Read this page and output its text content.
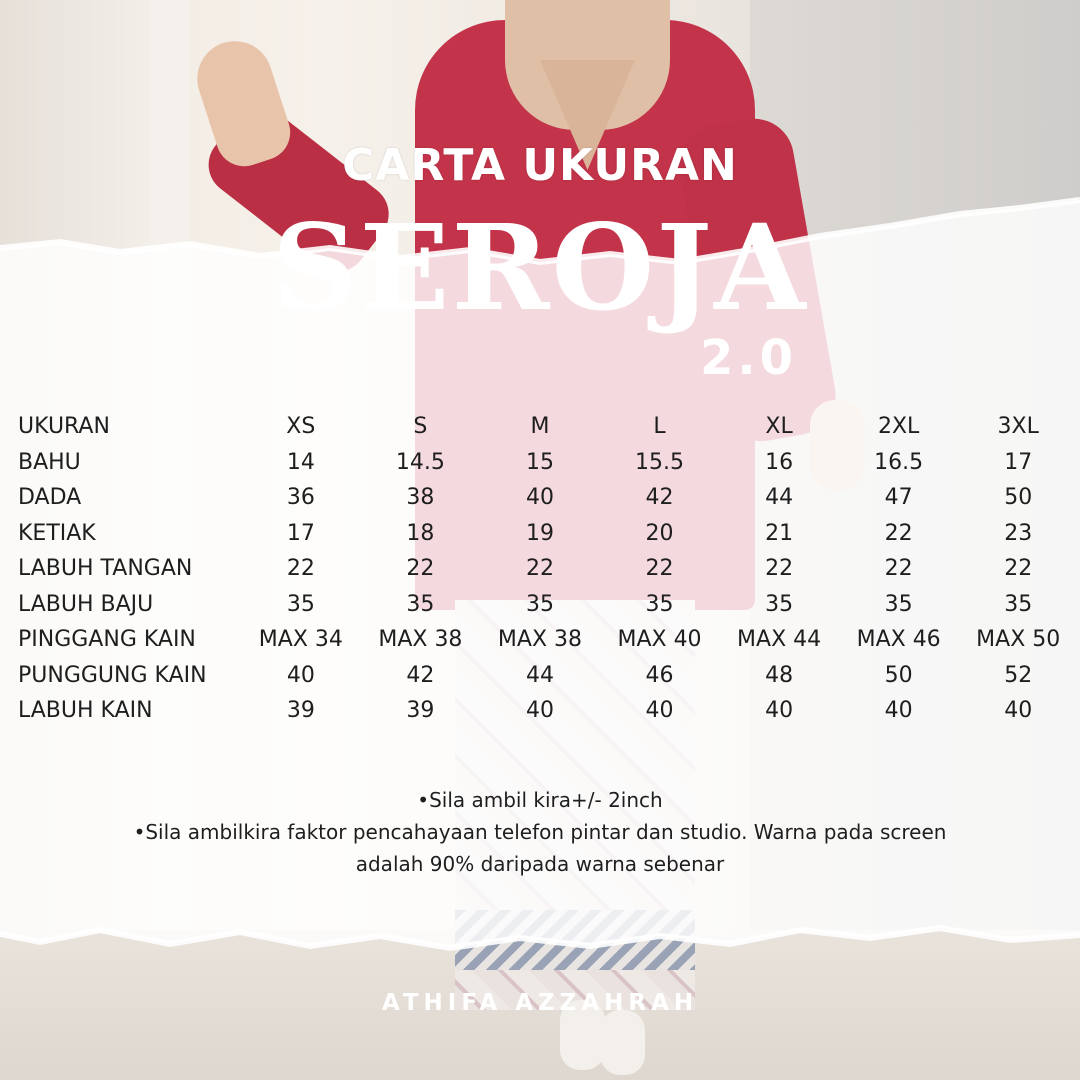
CARTA UKURAN
SEROJA
2.0
UKURAN	XS	S	M	L	XL	2XL	3XL
BAHU	14	14.5	15	15.5	16	16.5	17
DADA	36	38	40	42	44	47	50
KETIAK	17	18	19	20	21	22	23
LABUH TANGAN	22	22	22	22	22	22	22
LABUH BAJU	35	35	35	35	35	35	35
PINGGANG KAIN	MAX 34	MAX 38	MAX 38	MAX 40	MAX 44	MAX 46	MAX 50
PUNGGUNG KAIN	40	42	44	46	48	50	52
LABUH KAIN	39	39	40	40	40	40	40
•Sila ambil kira+/- 2inch
•Sila ambilkira faktor pencahayaan telefon pintar dan studio. Warna pada screen
adalah 90% daripada warna sebenar
ATHIFA AZZAHRAH
